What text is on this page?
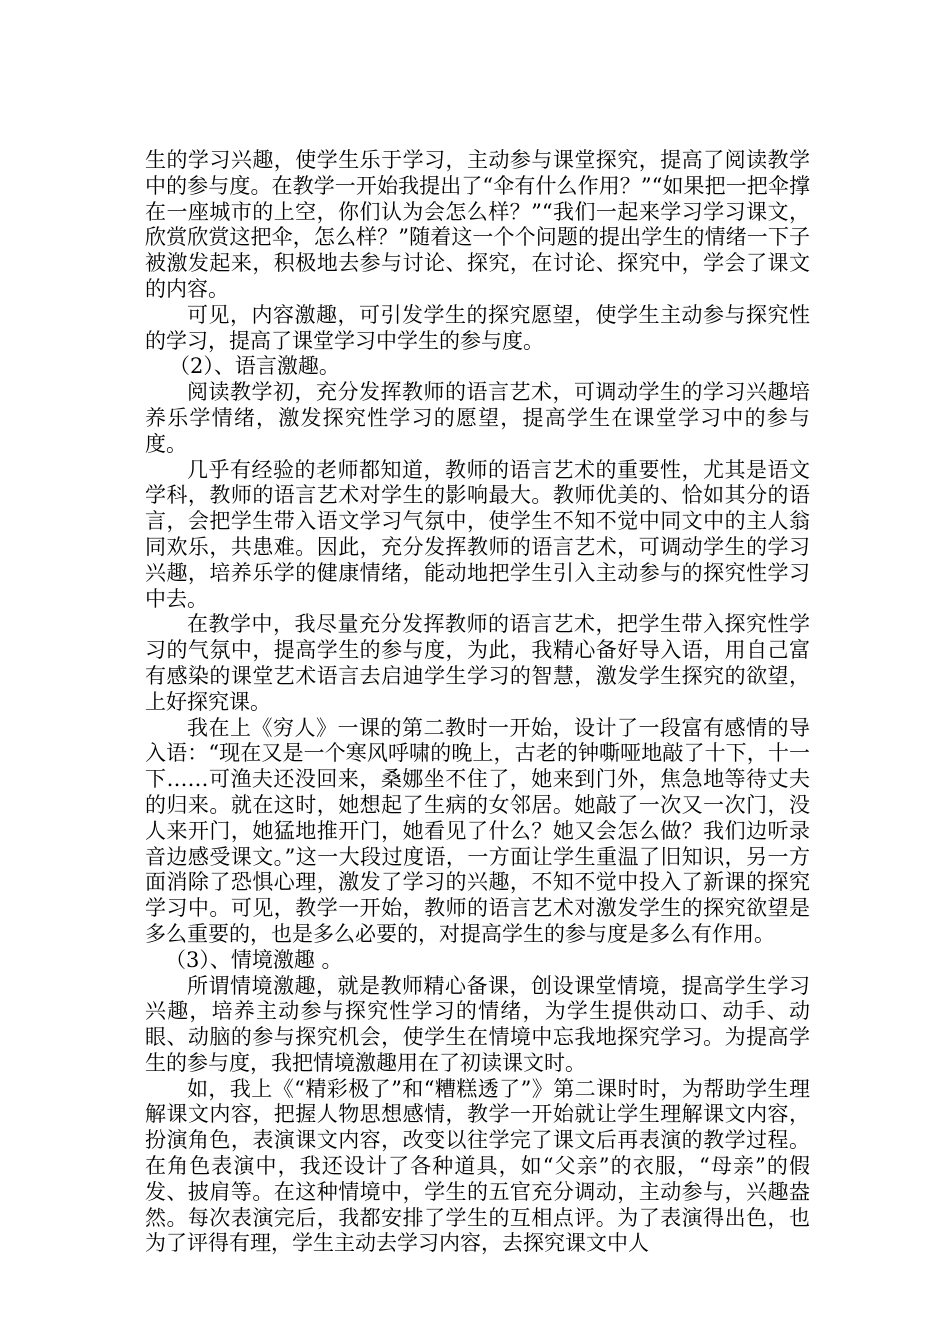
生的学习兴趣，使学生乐于学习，主动参与课堂探究，提高了阅读教学中的参与度。在教学一开始我提出了“伞有什么作用？”“如果把一把伞撑在一座城市的上空，你们认为会怎么样？”“我们一起来学习学习课文，欣赏欣赏这把伞，怎么样？”随着这一个个问题的提出学生的情绪一下子被激发起来，积极地去参与讨论、探究，在讨论、探究中，学会了课文的内容。

可见，内容激趣，可引发学生的探究愿望，使学生主动参与探究性的学习，提高了课堂学习中学生的参与度。

（2）、语言激趣。

阅读教学初，充分发挥教师的语言艺术，可调动学生的学习兴趣培养乐学情绪，激发探究性学习的愿望，提高学生在课堂学习中的参与度。

几乎有经验的老师都知道，教师的语言艺术的重要性，尤其是语文学科，教师的语言艺术对学生的影响最大。教师优美的、恰如其分的语言，会把学生带入语文学习气氛中，使学生不知不觉中同文中的主人翁同欢乐，共患难。因此，充分发挥教师的语言艺术，可调动学生的学习兴趣，培养乐学的健康情绪，能动地把学生引入主动参与的探究性学习中去。

在教学中，我尽量充分发挥教师的语言艺术，把学生带入探究性学习的气氛中，提高学生的参与度，为此，我精心备好导入语，用自己富有感染的课堂艺术语言去启迪学生学习的智慧，激发学生探究的欲望，上好探究课。

我在上《穷人》一课的第二教时一开始，设计了一段富有感情的导入语：“现在又是一个寒风呼啸的晚上，古老的钟嘶哑地敲了十下，十一下……可渔夫还没回来，桑娜坐不住了，她来到门外，焦急地等待丈夫的归来。就在这时，她想起了生病的女邻居。她敲了一次又一次门，没人来开门，她猛地推开门，她看见了什么？她又会怎么做？我们边听录音边感受课文。”这一大段过度语，一方面让学生重温了旧知识，另一方面消除了恐惧心理，激发了学习的兴趣，不知不觉中投入了新课的探究学习中。可见，教学一开始，教师的语言艺术对激发学生的探究欲望是多么重要的，也是多么必要的，对提高学生的参与度是多么有作用。

（3）、情境激趣 。

所谓情境激趣，就是教师精心备课，创设课堂情境，提高学生学习兴趣，培养主动参与探究性学习的情绪，为学生提供动口、动手、动眼、动脑的参与探究机会，使学生在情境中忘我地探究学习。为提高学生的参与度，我把情境激趣用在了初读课文时。

如，我上《“精彩极了”和“糟糕透了”》第二课时时，为帮助学生理解课文内容，把握人物思想感情，教学一开始就让学生理解课文内容，扮演角色，表演课文内容，改变以往学完了课文后再表演的教学过程。在角色表演中，我还设计了各种道具，如“父亲”的衣服，“母亲”的假发、披肩等。在这种情境中，学生的五官充分调动，主动参与，兴趣盎然。每次表演完后，我都安排了学生的互相点评。为了表演得出色，也为了评得有理，学生主动去学习内容，去探究课文中人
